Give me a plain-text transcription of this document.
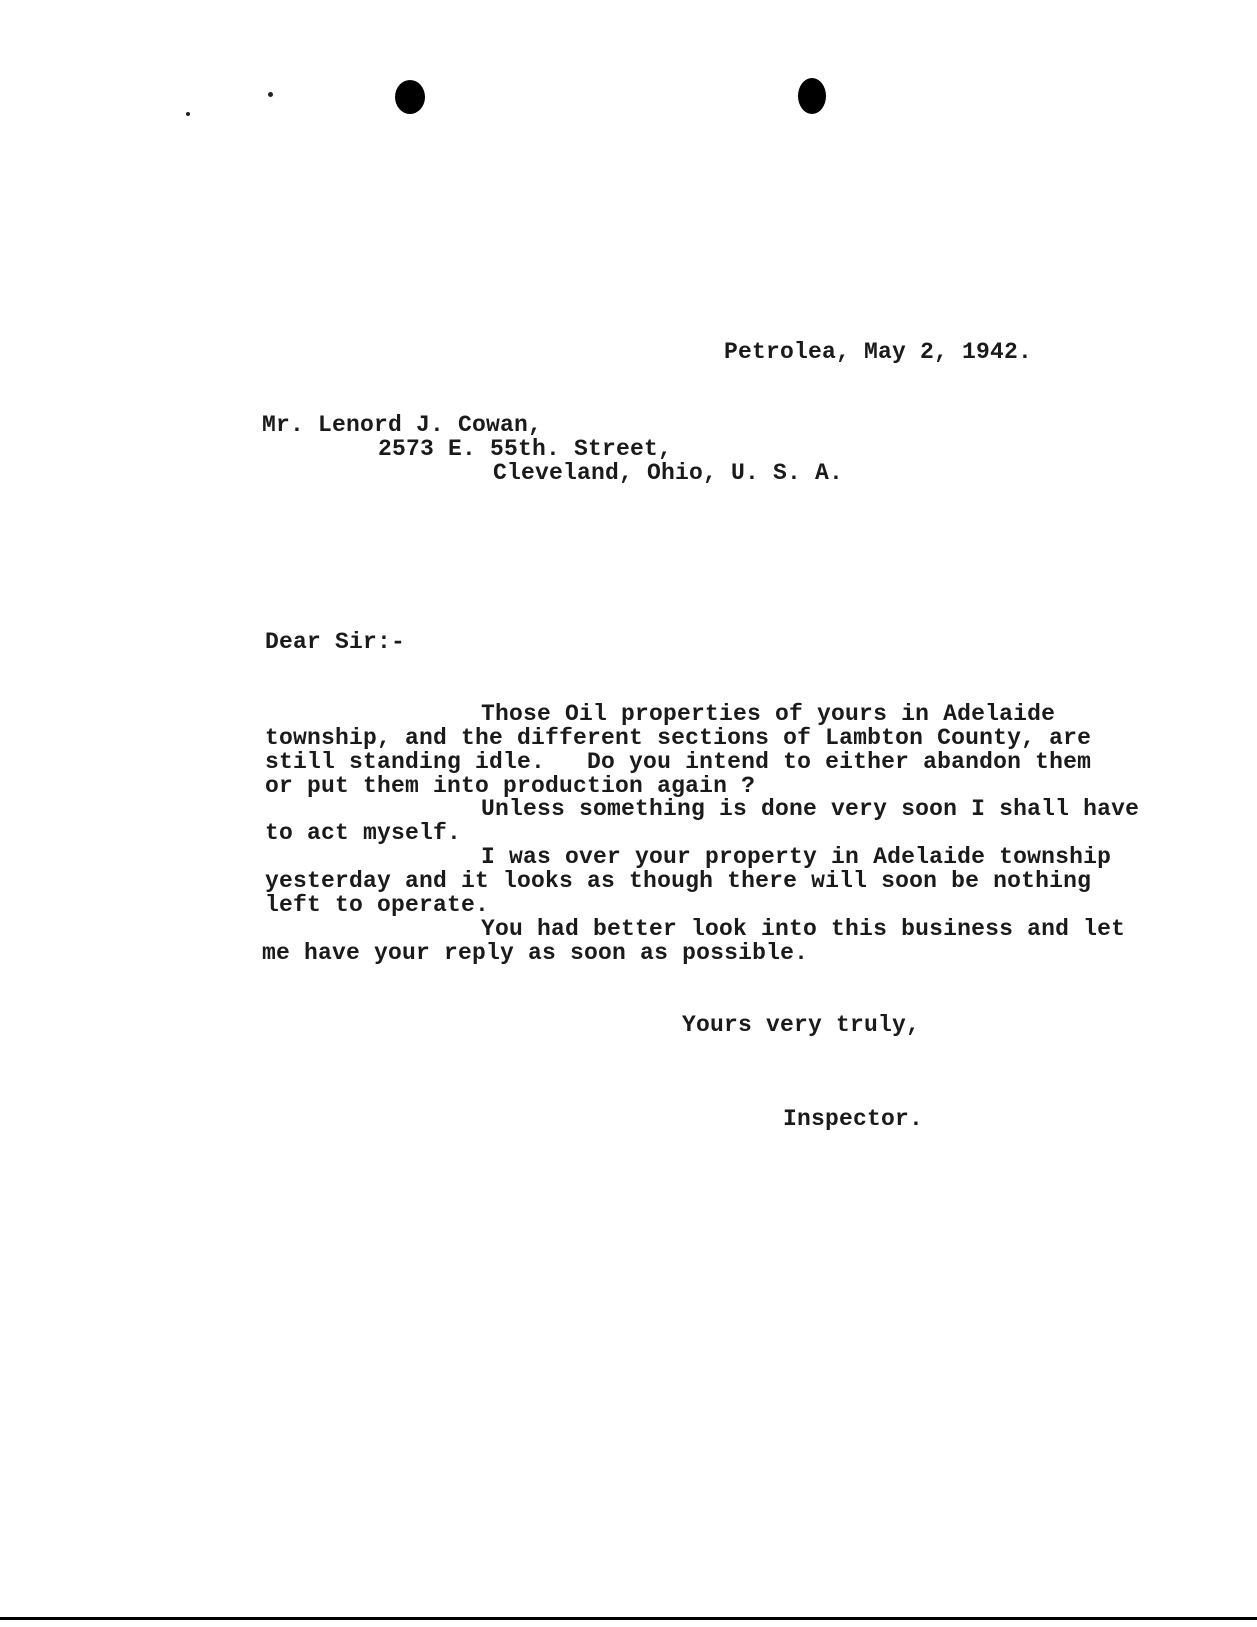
Petrolea, May 2, 1942.
Mr. Lenord J. Cowan,
2573 E. 55th. Street,
Cleveland, Ohio, U. S. A.
Dear Sir:-
Those Oil properties of yours in Adelaide
township, and the different sections of Lambton County, are
still standing idle.   Do you intend to either abandon them
or put them into production again ?
Unless something is done very soon I shall have
to act myself.
I was over your property in Adelaide township
yesterday and it looks as though there will soon be nothing
left to operate.
You had better look into this business and let
me have your reply as soon as possible.
Yours very truly,
Inspector.
